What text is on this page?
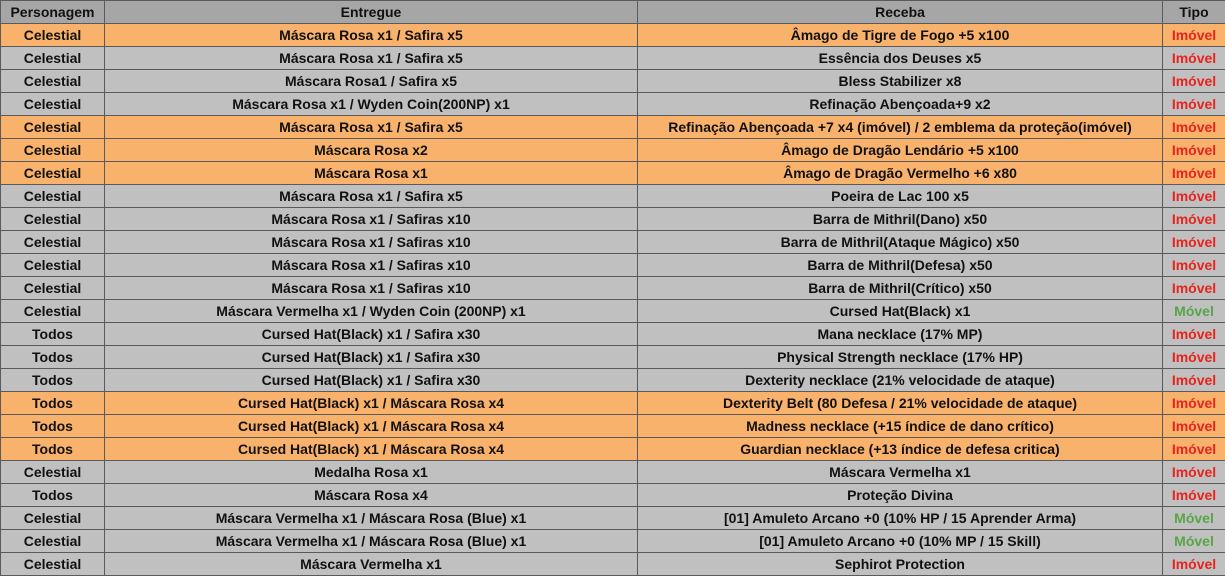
Personagem	Entregue	Receba	Tipo
Celestial	Máscara Rosa x1 / Safira x5	Âmago de Tigre de Fogo +5 x100	Imóvel
Celestial	Máscara Rosa x1 / Safira x5	Essência dos Deuses x5	Imóvel
Celestial	Máscara Rosa1 / Safira x5	Bless Stabilizer x8	Imóvel
Celestial	Máscara Rosa x1 / Wyden Coin(200NP) x1	Refinação Abençoada+9 x2	Imóvel
Celestial	Máscara Rosa x1 / Safira x5	Refinação Abençoada +7 x4 (imóvel) / 2 emblema da proteção(imóvel)	Imóvel
Celestial	Máscara Rosa x2	Âmago de Dragão Lendário +5 x100	Imóvel
Celestial	Máscara Rosa x1	Âmago de Dragão Vermelho +6 x80	Imóvel
Celestial	Máscara Rosa x1 / Safira x5	Poeira de Lac 100 x5	Imóvel
Celestial	Máscara Rosa x1 / Safiras x10	Barra de Mithril(Dano) x50	Imóvel
Celestial	Máscara Rosa x1 / Safiras x10	Barra de Mithril(Ataque Mágico) x50	Imóvel
Celestial	Máscara Rosa x1 / Safiras x10	Barra de Mithril(Defesa) x50	Imóvel
Celestial	Máscara Rosa x1 / Safiras x10	Barra de Mithril(Crítico) x50	Imóvel
Celestial	Máscara Vermelha x1 / Wyden Coin (200NP) x1	Cursed Hat(Black) x1	Móvel
Todos	Cursed Hat(Black) x1 / Safira x30	Mana necklace (17% MP)	Imóvel
Todos	Cursed Hat(Black) x1 / Safira x30	Physical Strength necklace (17% HP)	Imóvel
Todos	Cursed Hat(Black) x1 / Safira x30	Dexterity necklace (21% velocidade de ataque)	Imóvel
Todos	Cursed Hat(Black) x1 / Máscara Rosa x4	Dexterity Belt (80 Defesa / 21% velocidade de ataque)	Imóvel
Todos	Cursed Hat(Black) x1 / Máscara Rosa x4	Madness necklace (+15 índice de dano crítico)	Imóvel
Todos	Cursed Hat(Black) x1 / Máscara Rosa x4	Guardian necklace (+13 índice de defesa critica)	Imóvel
Celestial	Medalha Rosa x1	Máscara Vermelha x1	Imóvel
Todos	Máscara Rosa x4	Proteção Divina	Imóvel
Celestial	Máscara Vermelha x1 / Máscara Rosa (Blue) x1	[01] Amuleto Arcano +0 (10% HP / 15 Aprender Arma)	Móvel
Celestial	Máscara Vermelha x1 / Máscara Rosa (Blue) x1	[01] Amuleto Arcano +0 (10% MP / 15 Skill)	Móvel
Celestial	Máscara Vermelha x1	Sephirot Protection	Imóvel
